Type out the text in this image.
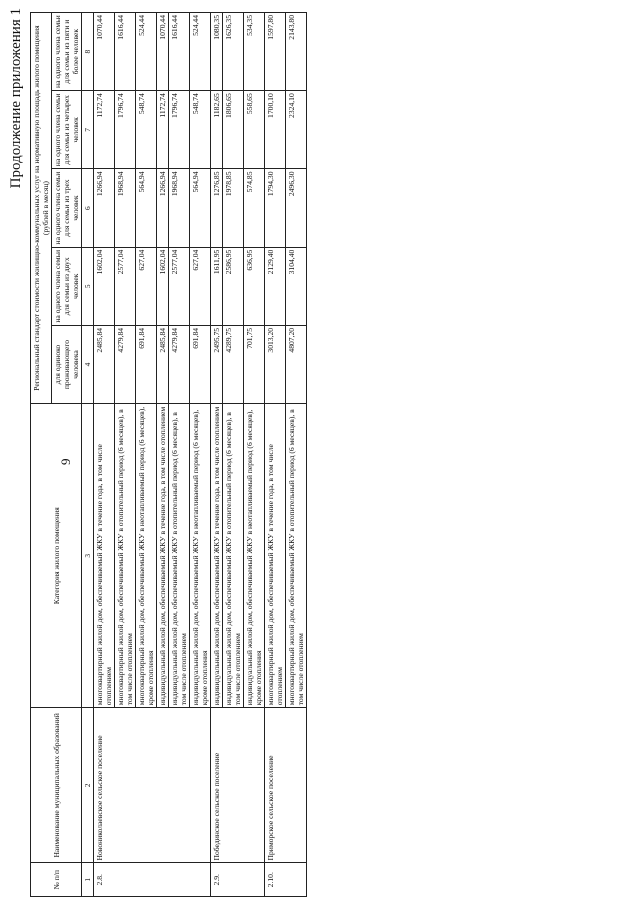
9
Продолжение приложения 1
№ п/п	Наименование муниципальных образований	Категория жилого помещения	Региональный стандарт стоимости жилищно-коммунальных услуг на нормативную площадь жилого помещения (рублей в месяц)				
			для одиноко проживающего человека	на одного члена семьи для семьи из двух человек	на одного члена семьи для семьи из трех человек	на одного члена семьи для семьи из четырех человек	на одного члена семьи для семьи из пяти и более человек
1	2	3	4	5	6	7	8
2.8.	Новониколаевское сельское поселение	многоквартирный жилой дом, обеспечиваемый ЖКУ в течение года, в том числе отоплением	2485,84	1602,04	1266,94	1172,74	1070,44
		многоквартирный жилой дом, обеспечиваемый ЖКУ в отопительный период (6 месяцев), в том числе отоплением	4279,84	2577,04	1968,94	1796,74	1616,44
		многоквартирный жилой дом, обеспечиваемый ЖКУ в неотапливаемый период (6 месяцев), кроме отопления	691,84	627,04	564,94	548,74	524,44
		индивидуальный жилой дом, обеспечиваемый ЖКУ в течение года, в том числе отоплением	2485,84	1602,04	1266,94	1172,74	1070,44
		индивидуальный жилой дом, обеспечиваемый ЖКУ в отопительный период (6 месяцев), в том числе отоплением	4279,84	2577,04	1968,94	1796,74	1616,44
		индивидуальный жилой дом, обеспечиваемый ЖКУ в неотапливаемый период (6 месяцев), кроме отопления	691,84	627,04	564,94	548,74	524,44
2.9.	Побединское сельское поселение	индивидуальный жилой дом, обеспечиваемый ЖКУ в течение года, в том числе отоплением	2495,75	1611,95	1276,85	1182,65	1080,35
		индивидуальный жилой дом, обеспечиваемый ЖКУ в отопительный период (6 месяцев), в том числе отоплением	4289,75	2586,95	1978,85	1806,65	1626,35
		индивидуальный жилой дом, обеспечиваемый ЖКУ в неотапливаемый период (6 месяцев), кроме отопления	701,75	636,95	574,85	558,65	534,35
2.10.	Приморское сельское поселение	многоквартирный жилой дом, обеспечиваемый ЖКУ в течение года, в том числе отоплением	3013,20	2129,40	1794,30	1700,10	1597,80
		многоквартирный жилой дом, обеспечиваемый ЖКУ в отопительный период (6 месяцев), в том числе отоплением	4807,20	3104,40	2496,30	2324,10	2143,80
